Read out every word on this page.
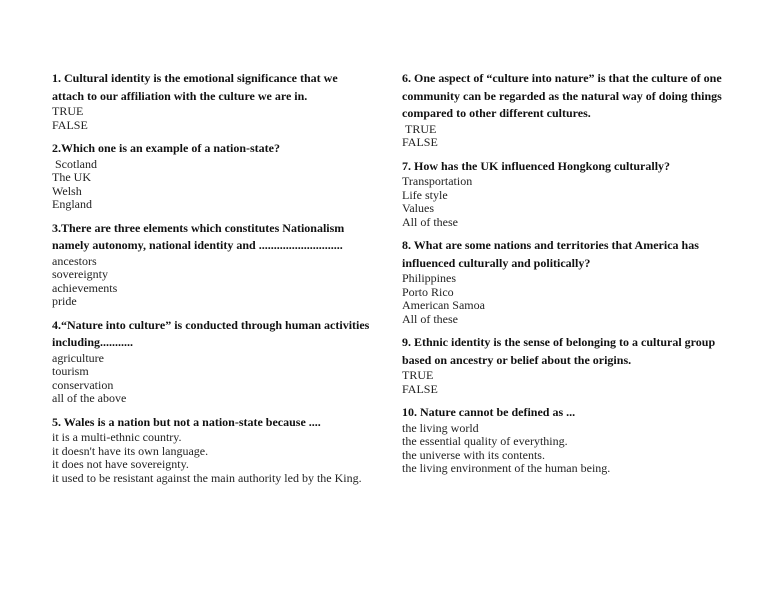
1. Cultural identity is the emotional significance that we attach to our affiliation with the culture we are in.

TRUE

FALSE

2.Which one is an example of a nation-state?

Scotland

The UK

Welsh

England

3.There are three elements which constitutes Nationalism namely autonomy, national identity and ............................

ancestors

sovereignty

achievements

pride

4.“Nature into culture” is conducted through human activities including...........

agriculture

tourism

conservation

all of the above

5. Wales is a nation but not a nation-state because ....

it is a multi-ethnic country.

it doesn't have its own language.

it does not have sovereignty.

it used to be resistant against the main authority led by the King.

6. One aspect of “culture into nature” is that the culture of one community can be regarded as the natural way of doing things compared to other different cultures.

TRUE

FALSE

7. How has the UK influenced Hongkong culturally?

Transportation

Life style

Values

All of these

8. What are some nations and territories that America has influenced culturally and politically?

Philippines

Porto Rico

American Samoa

All of these

9. Ethnic identity is the sense of belonging to a cultural group based on ancestry or belief about the origins.

TRUE

FALSE

10. Nature cannot be defined as ...

the living world

the essential quality of everything.

the universe with its contents.

the living environment of the human being.
